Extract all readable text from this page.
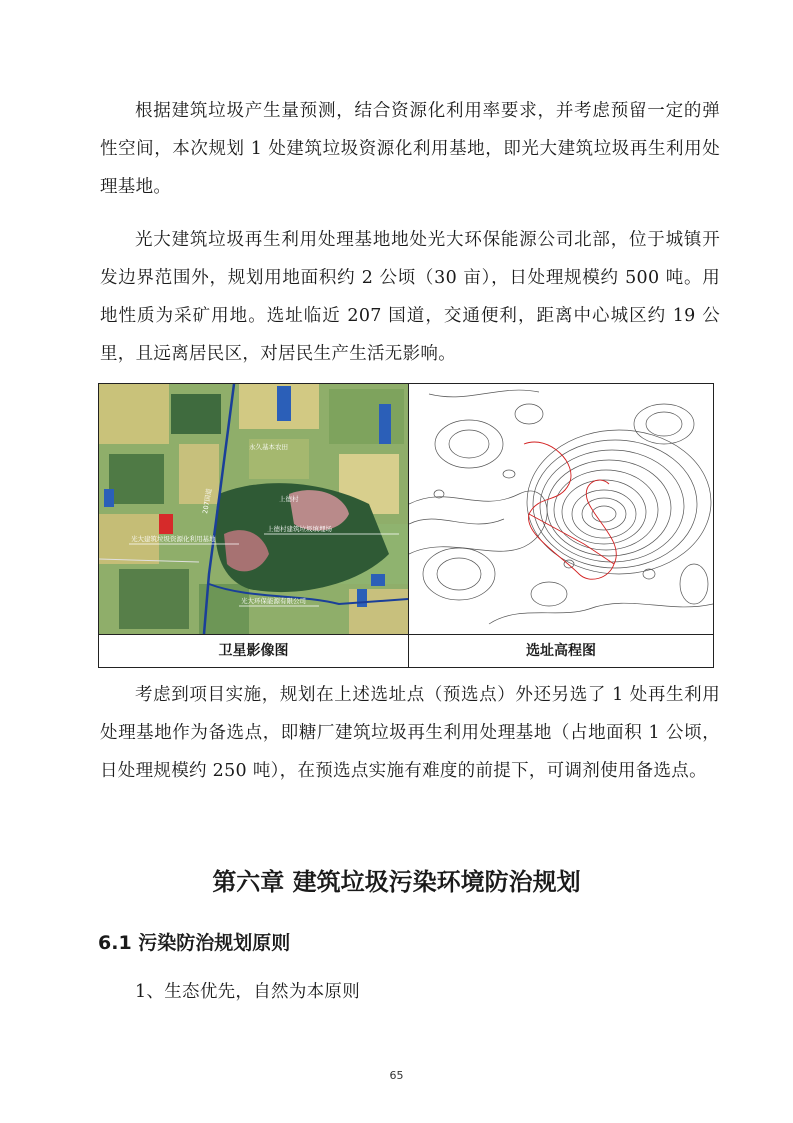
根据建筑垃圾产生量预测，结合资源化利用率要求，并考虑预留一定的弹性空间，本次规划 1 处建筑垃圾资源化利用基地，即光大建筑垃圾再生利用处理基地。

光大建筑垃圾再生利用处理基地地处光大环保能源公司北部，位于城镇开发边界范围外，规划用地面积约 2 公顷（30 亩），日处理规模约 500 吨。用地性质为采矿用地。选址临近 207 国道，交通便利，距离中心城区约 19 公里，且远离居民区，对居民生产生活无影响。

光大建筑垃圾资源化利用基地
上德村建筑垃圾填埋场
上德村
永久基本农田
光大环保能源有限公司
207国道
卫星影像图	选址高程图

考虑到项目实施，规划在上述选址点（预选点）外还另选了 1 处再生利用处理基地作为备选点，即糖厂建筑垃圾再生利用处理基地（占地面积 1 公顷，日处理规模约 250 吨），在预选点实施有难度的前提下，可调剂使用备选点。

第六章 建筑垃圾污染环境防治规划
6.1 污染防治规划原则

1、生态优先，自然为本原则

65
